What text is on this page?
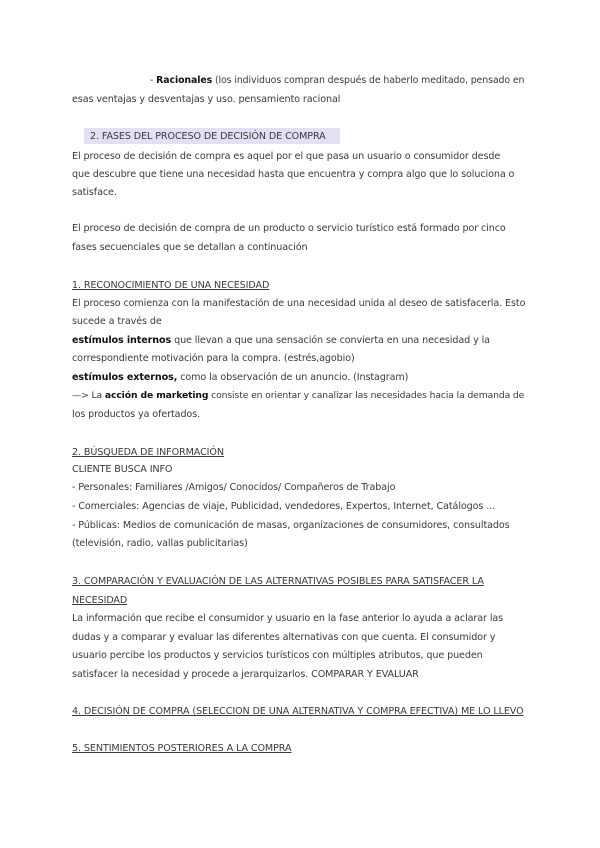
- Racionales (los individuos compran después de haberlo meditado, pensado en
esas ventajas y desventajas y uso. pensamiento racional
2. FASES DEL PROCESO DE DECISIÓN DE COMPRA
El proceso de decisión de compra es aquel por el que pasa un usuario o consumidor desde
que descubre que tiene una necesidad hasta que encuentra y compra algo que lo soluciona o
satisface.
El proceso de decisión de compra de un producto o servicio turístico está formado por cinco
fases secuenciales que se detallan a continuación
1. RECONOCIMIENTO DE UNA NECESIDAD
El proceso comienza con la manifestación de una necesidad unida al deseo de satisfacerla. Esto
sucede a través de
estímulos internos que llevan a que una sensación se convierta en una necesidad y la
correspondiente motivación para la compra. (estrés,agobio)
estímulos externos, como la observación de un anuncio. (Instagram)
—> La acción de marketing consiste en orientar y canalizar las necesidades hacia la demanda de
los productos ya ofertados.
2. BÚSQUEDA DE INFORMACIÓN
CLIENTE BUSCA INFO
- Personales: Familiares /Amigos/ Conocidos/ Compañeros de Trabajo
- Comerciales: Agencias de viaje, Publicidad, vendedores, Expertos, Internet, Catálogos ...
- Públicas: Medios de comunicación de masas, organizaciones de consumidores, consultados
(televisión, radio, vallas publicitarias)
3. COMPARACIÓN Y EVALUACIÓN DE LAS ALTERNATIVAS POSIBLES PARA SATISFACER LA
NECESIDAD
La información que recibe el consumidor y usuario en la fase anterior lo ayuda a aclarar las
dudas y a comparar y evaluar las diferentes alternativas con que cuenta. El consumidor y
usuario percibe los productos y servicios turísticos con múltiples atributos, que pueden
satisfacer la necesidad y procede a jerarquizarlos. COMPARAR Y EVALUAR
4. DECISIÓN DE COMPRA (SELECCION DE UNA ALTERNATIVA Y COMPRA EFECTIVA) ME LO LLEVO
5. SENTIMIENTOS POSTERIORES A LA COMPRA
